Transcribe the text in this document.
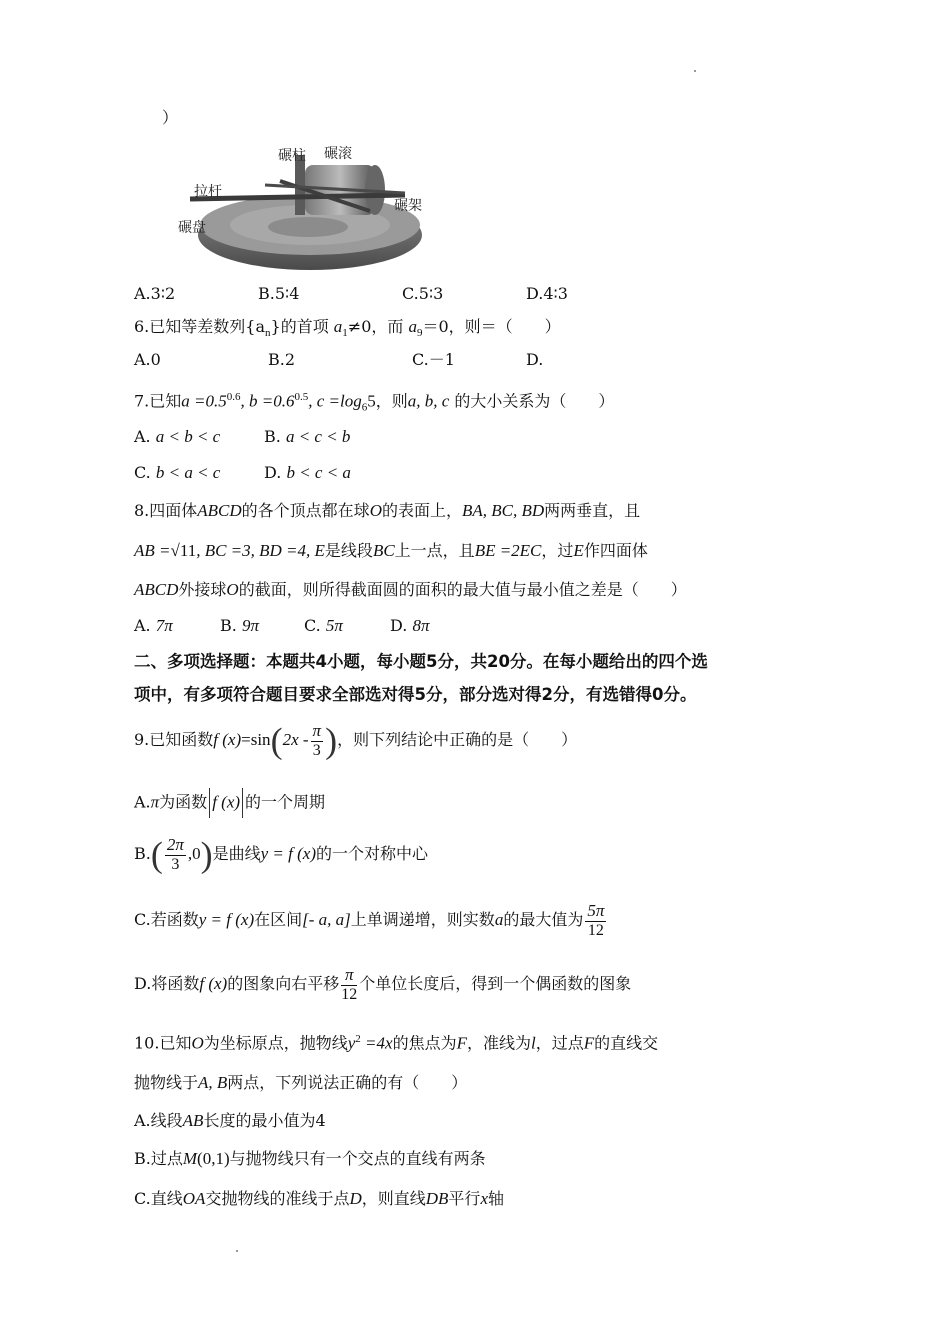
）
碾柱 碾滚
拉杆
碾架
碾盘
A.3∶2	B.5∶4	C.5∶3	D.4∶3
6.已知等差数列$\{a_n\}$的首项 $a_1\ne 0$，而 $a_9=0$，则＝（　　）
A.0	B.2	C.－1	D.
7.已知$a =0.5^{0.6}$, $b =0.6^{0.5}$, $c =\log_65$，则a, b, c 的大小关系为（　　）
A. a < b < c	B. a < c < b
C. b < a < c	D. b < c < a
8.四面体ABCD的各个顶点都在球O的表面上，BA, BC, BD两两垂直，且
AB =√11, BC =3, BD =4, E是线段BC上一点，且BE =2EC，过E作四面体
ABCD外接球O的截面，则所得截面圆的面积的最大值与最小值之差是（　　）
A. 7π	B. 9π	C. 5π	D. 8π
二、多项选择题：本题共4小题，每小题5分，共20分。在每小题给出的四个选
项中，有多项符合题目要求全部选对得5分，部分选对得2分，有选错得0分。
9.已知函数f $(x)=\sin(2x - \frac{\pi}{3}$ )，则下列结论中正确的是（　　）
A.π为函数 f (x) 的一个周期
$B.( \frac{2\pi}{3} ,0)$是曲线y = f (x)的一个对称中心
C.若函数y = f (x)在区间[- a, a]上单调递增，则实数a的最大值为 $\frac{5\pi}{12}$
D.将函数f (x)的图象向右平移 $\frac{\pi}{12}$ 个单位长度后，得到一个偶函数的图象
10.已知O为坐标原点，抛物线$y^2 =4x$的焦点为F，准线为l，过点F的直线交
抛物线于A, B两点，下列说法正确的有（　　）
A.线段AB长度的最小值为4
B.过点M(0,1)与抛物线只有一个交点的直线有两条
C.直线OA交抛物线的准线于点D，则直线DB平行x轴
